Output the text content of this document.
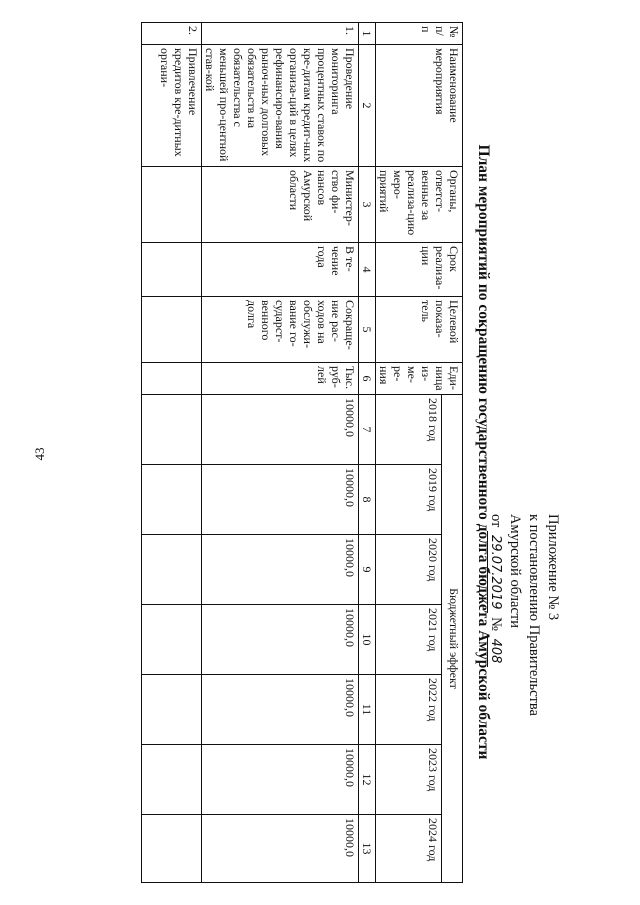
43
Приложение № 3
к постановлению Правительства
Амурской области
от 29.07.2019 № 408
План мероприятий по сокращению государственного долга бюджета Амурской области
№ п/п	Наименование мероприятия	Органы, ответст-венные за реализа-цию меро-приятий	Срок реализа-ции	Целевой показа-тель	Еди-ница из-ме-ре-ния	Бюджетный эффект						
						2018 год	2019 год	2020 год	2021 год	2022 год	2023 год	2024 год
1	2	3	4	5	6	7	8	9	10	11	12	13
1.	Проведение мониторинга процентных ставок по кре-дитам кредит-ных организа-ций в целях рефинансиро-вания рыноч-ных долговых обязательств на обязательства с меньшей про-центной став-кой	Министер-ство фи-нансов Амурской области	В те-чение года	Сокраще-ние рас-ходов на обслужи-вание го-сударст-венного долга	Тыс. руб-лей	10000,0	10000,0	10000,0	10000,0	10000,0	10000,0	10000,0
2.	Привлечение кредитов кре-дитных органи-											
